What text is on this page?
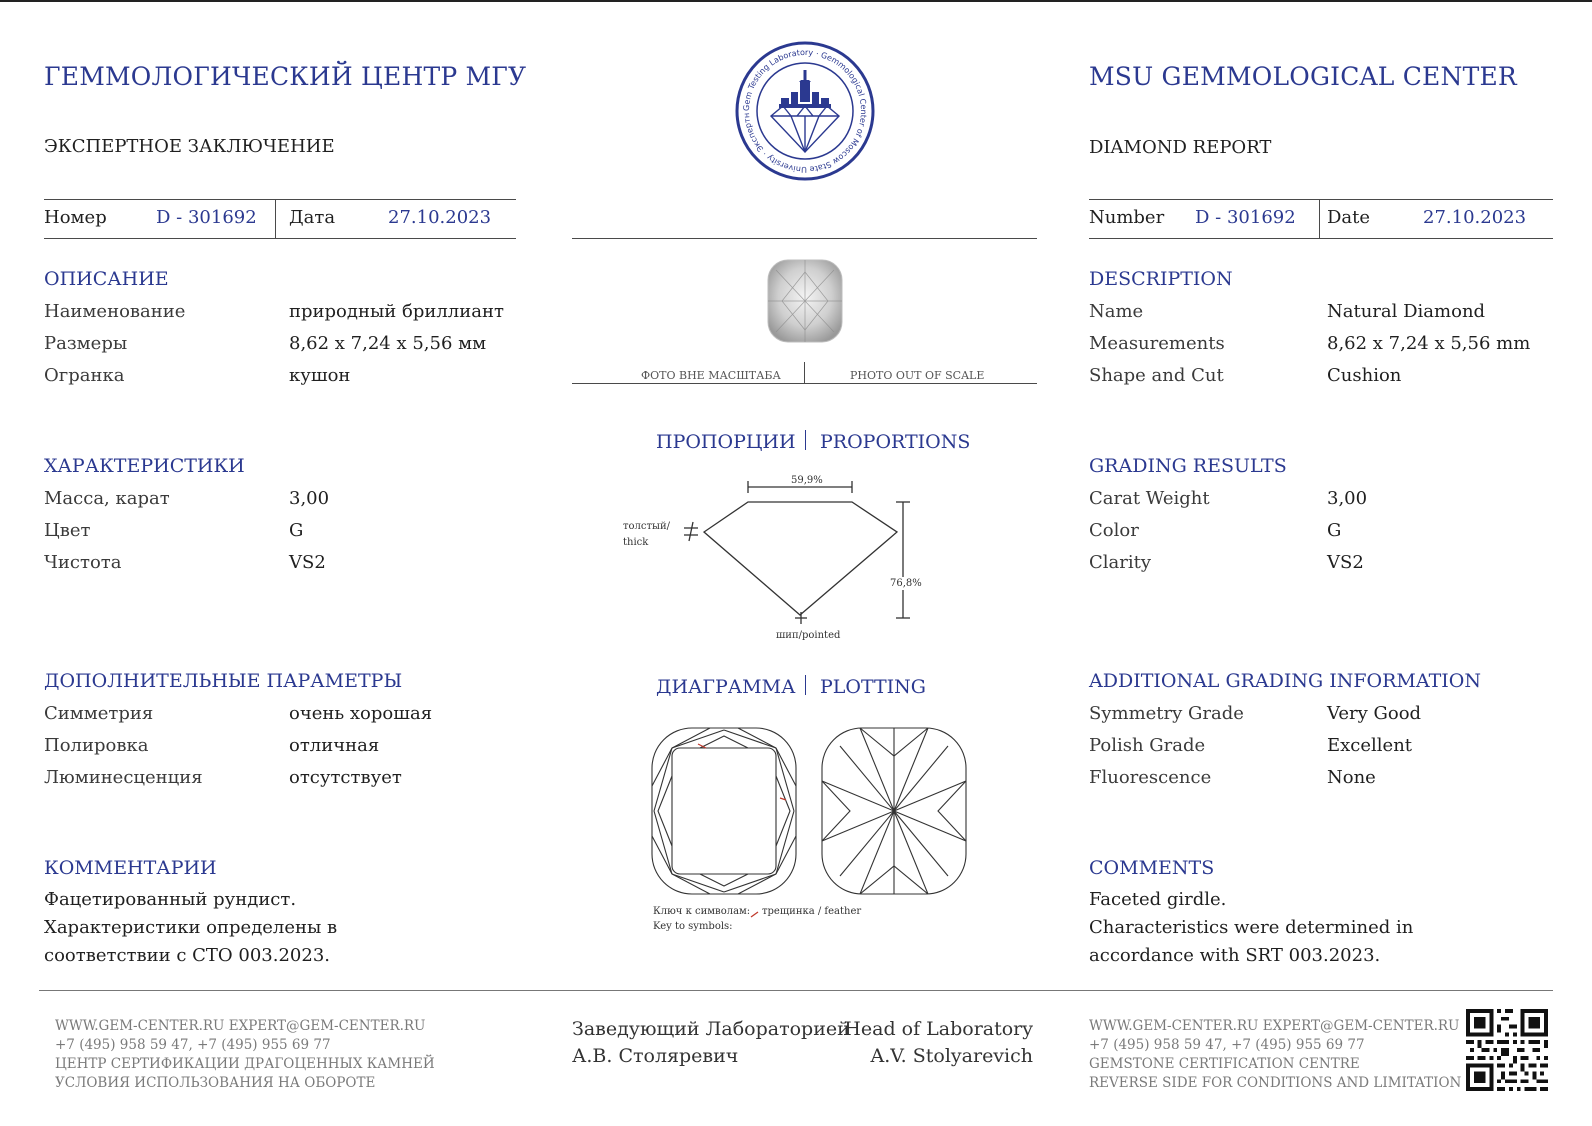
ГЕММОЛОГИЧЕСКИЙ ЦЕНТР МГУ
ЭКСПЕРТНОЕ ЗАКЛЮЧЕНИЕ
Номер	D - 301692 Дата	27.10.2023
ОПИСАНИЕ
Наименование	природный бриллиант
Размеры	8,62 x 7,24 x 5,56 мм
Огранка	кушон
ХАРАКТЕРИСТИКИ
Масса, карат	3,00
Цвет	G
Чистота	VS2
ДОПОЛНИТЕЛЬНЫЕ ПАРАМЕТРЫ
Симметрия	очень хорошая
Полировка	отличная
Люминесценция	отсутствует
КОММЕНТАРИИ
Фацетированный рундист.
Характеристики определены в
соответствии с СТО 003.2023.
MSU GEMMOLOGICAL CENTER
DIAMOND REPORT
Number D - 301692 Date	27.10.2023
DESCRIPTION
Name	Natural Diamond
Measurements	8,62 x 7,24 x 5,56 mm
Shape and Cut	Cushion
GRADING RESULTS
Carat Weight	3,00
Color	G
Clarity	VS2
ADDITIONAL GRADING INFORMATION
Symmetry Grade	Very Good
Polish Grade	Excellent
Fluorescence	None
COMMENTS
Faceted girdle.
Characteristics were determined in
accordance with SRT 003.2023.
Gem Testing Laboratory · Gemmological Center of Moscow State University · Экспертн
ФОТО ВНЕ МАСШТАБА	PHOTO OUT OF SCALE
ПРОПОРЦИИ PROPORTIONS
59,9%
76,8%
толстый/
thick
шип/pointed
ДИАГРАММА PLOTTING
Ключ к символам: трещинка / feather
Key to symbols:
WWW.GEM-CENTER.RU EXPERT@GEM-CENTER.RU
+7 (495) 958 59 47, +7 (495) 955 69 77
ЦЕНТР СЕРТИФИКАЦИИ ДРАГОЦЕННЫХ КАМНЕЙ
УСЛОВИЯ ИСПОЛЬЗОВАНИЯ НА ОБОРОТЕ
Заведующий Лабораторией
А.В. Столяревич
Head of Laboratory
A.V. Stolyarevich
WWW.GEM-CENTER.RU EXPERT@GEM-CENTER.RU
+7 (495) 958 59 47, +7 (495) 955 69 77
GEMSTONE CERTIFICATION CENTRE
REVERSE SIDE FOR CONDITIONS AND LIMITATION
